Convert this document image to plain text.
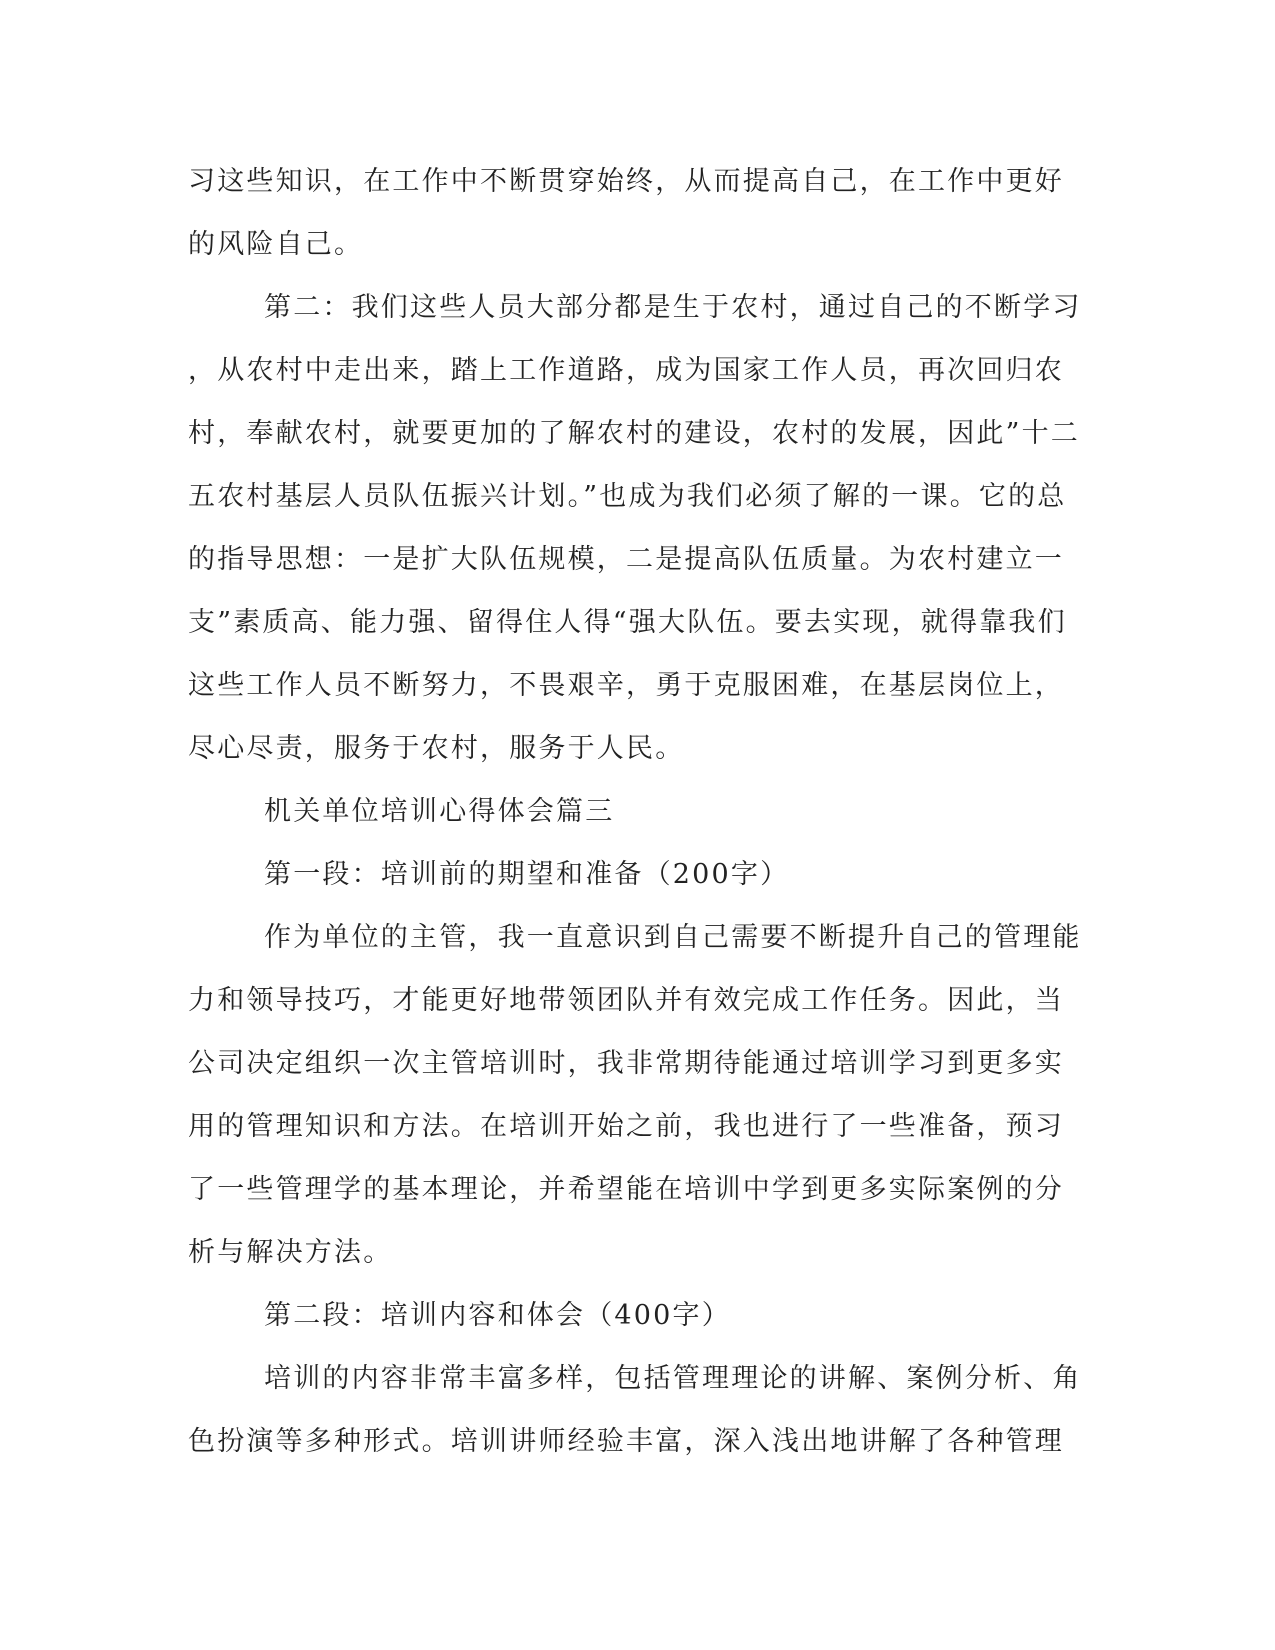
习这些知识，在工作中不断贯穿始终，从而提高自己，在工作中更好
的风险自己。
第二：我们这些人员大部分都是生于农村，通过自己的不断学习
，从农村中走出来，踏上工作道路，成为国家工作人员，再次回归农
村，奉献农村，就要更加的了解农村的建设，农村的发展，因此”十二
五农村基层人员队伍振兴计划。”也成为我们必须了解的一课。它的总
的指导思想：一是扩大队伍规模，二是提高队伍质量。为农村建立一
支”素质高、能力强、留得住人得“强大队伍。要去实现，就得靠我们
这些工作人员不断努力，不畏艰辛，勇于克服困难，在基层岗位上，
尽心尽责，服务于农村，服务于人民。
机关单位培训心得体会篇三
第一段：培训前的期望和准备（200字）
作为单位的主管，我一直意识到自己需要不断提升自己的管理能
力和领导技巧，才能更好地带领团队并有效完成工作任务。因此，当
公司决定组织一次主管培训时，我非常期待能通过培训学习到更多实
用的管理知识和方法。在培训开始之前，我也进行了一些准备，预习
了一些管理学的基本理论，并希望能在培训中学到更多实际案例的分
析与解决方法。
第二段：培训内容和体会（400字）
培训的内容非常丰富多样，包括管理理论的讲解、案例分析、角
色扮演等多种形式。培训讲师经验丰富，深入浅出地讲解了各种管理
